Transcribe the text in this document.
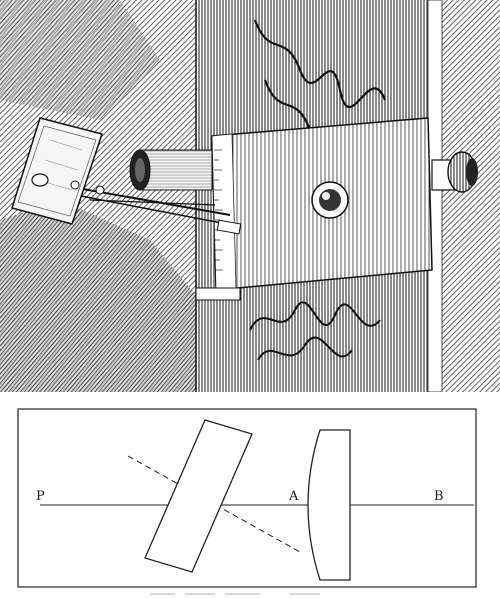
P	A	B
